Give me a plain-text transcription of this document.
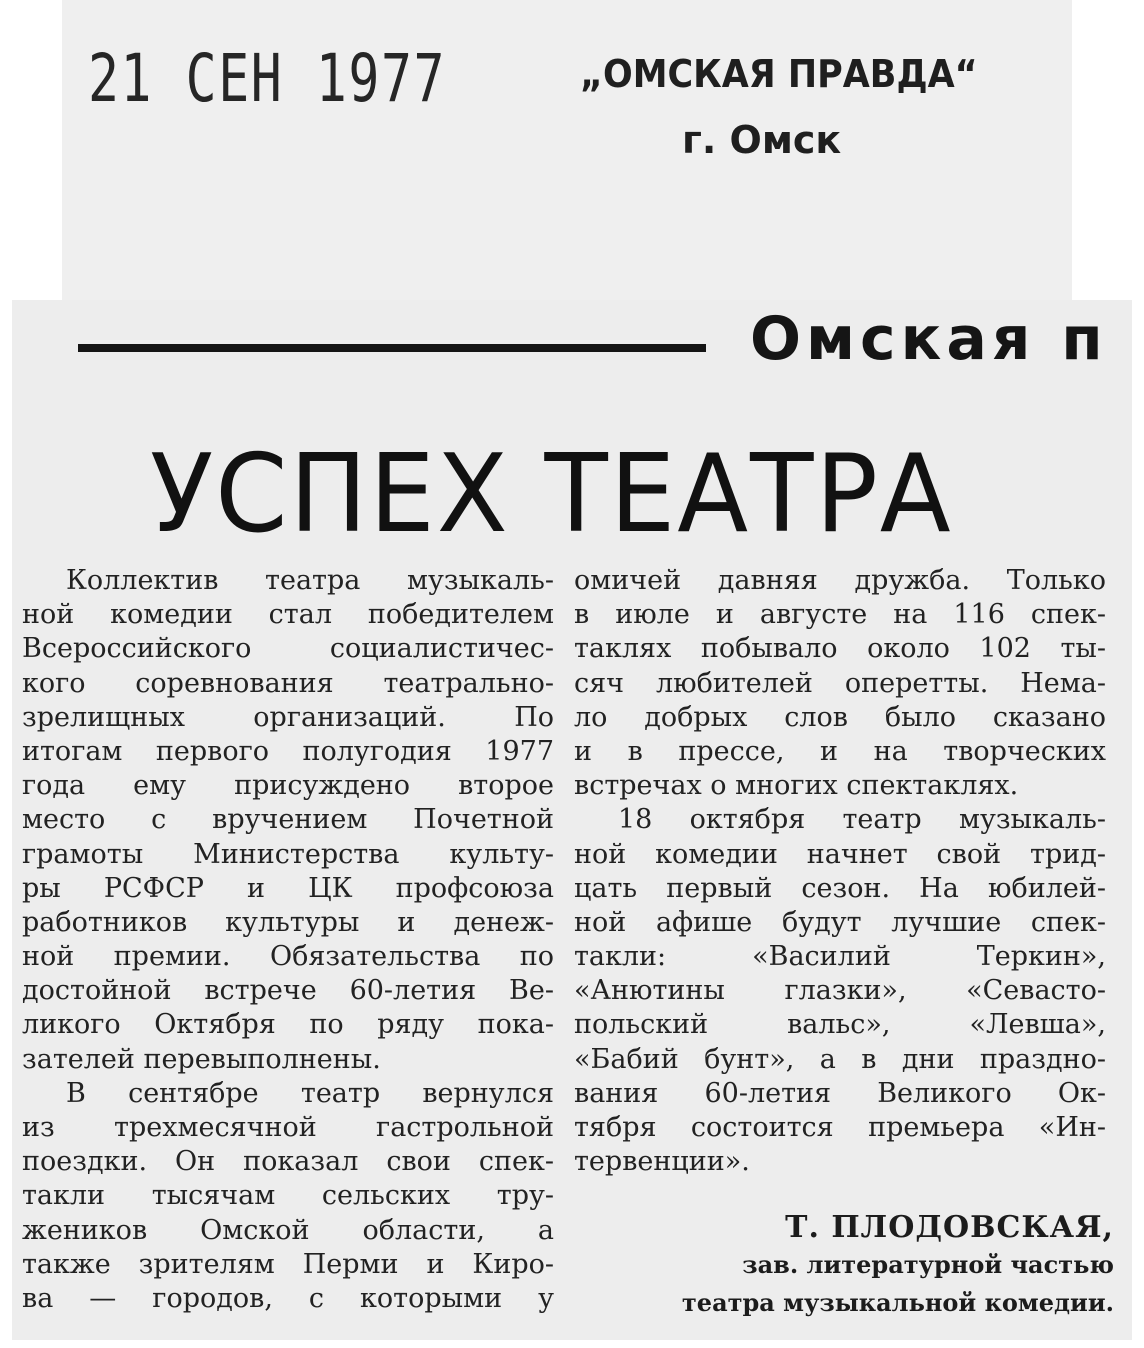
21 СЕН 1977	„ОМСКАЯ ПРАВДА“
г. Омск
Омская п
УСПЕХ ТЕАТРА
Коллектив театра музыкаль-
ной комедии стал победителем
Всероссийского социалистичес-
кого соревнования театрально-
зрелищных организаций. По
итогам первого полугодия 1977
года ему присуждено второе
место с вручением Почетной
грамоты Министерства культу-
ры РСФСР и ЦК профсоюза
работников культуры и денеж-
ной премии. Обязательства по
достойной встрече 60-летия Ве-
ликого Октября по ряду пока-
зателей перевыполнены.
В сентябре театр вернулся
из трехмесячной гастрольной
поездки. Он показал свои спек-
такли тысячам сельских тру-
жеников Омской области, а
также зрителям Перми и Киро-
ва — городов, с которыми у
омичей давняя дружба. Только
в июле и августе на 116 спек-
таклях побывало около 102 ты-
сяч любителей оперетты. Нема-
ло добрых слов было сказано
и в прессе, и на творческих
встречах о многих спектаклях.
18 октября театр музыкаль-
ной комедии начнет свой трид-
цать первый сезон. На юбилей-
ной афише будут лучшие спек-
такли: «Василий Теркин»,
«Анютины глазки», «Севасто-
польский вальс», «Левша»,
«Бабий бунт», а в дни праздно-
вания 60-летия Великого Ок-
тября состоится премьера «Ин-
тервенции».
Т. ПЛОДОВСКАЯ,
зав. литературной частью
театра музыкальной комедии.
